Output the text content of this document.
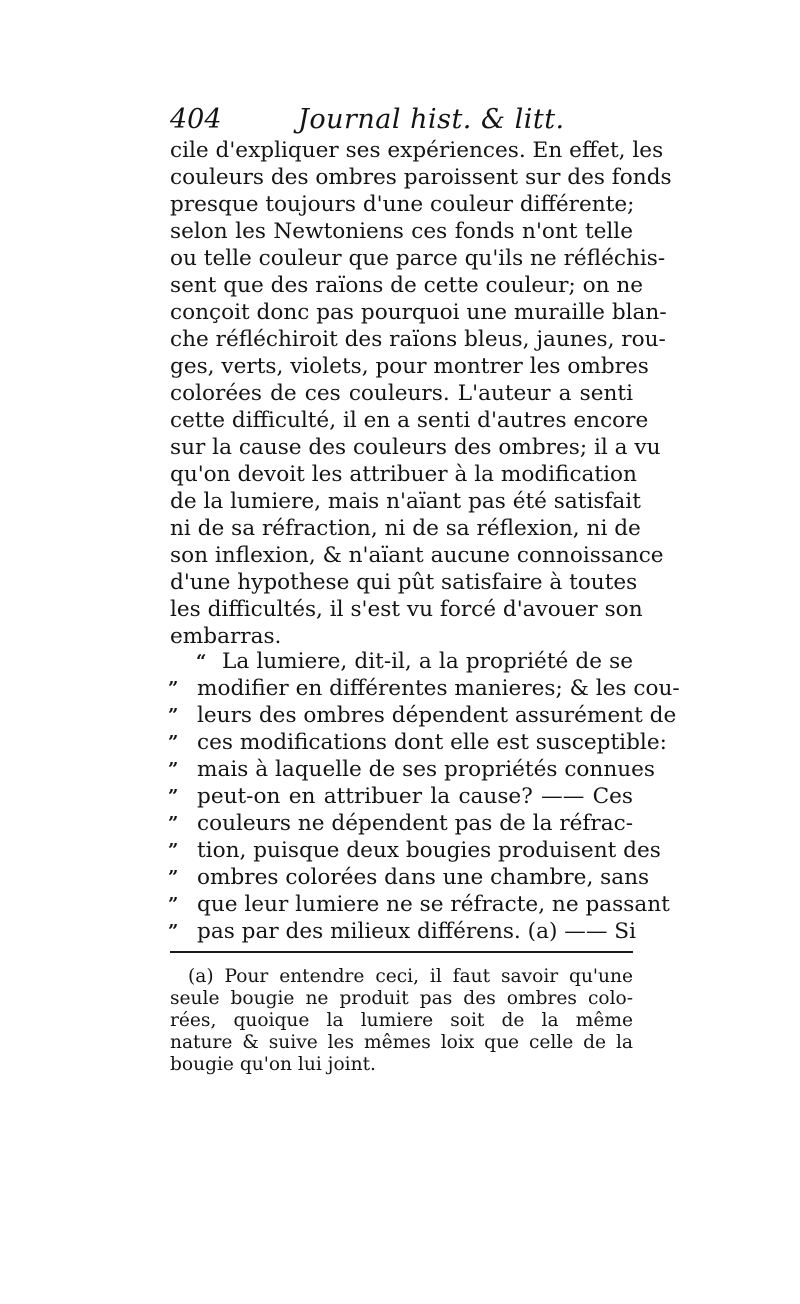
404	Journal hist. & litt.
cile d'expliquer ses expériences. En effet, les
couleurs des ombres paroissent sur des fonds
presque toujours d'une couleur différente;
selon les Newtoniens ces fonds n'ont telle
ou telle couleur que parce qu'ils ne réfléchis-
sent que des raïons de cette couleur; on ne
conçoit donc pas pourquoi une muraille blan-
che réfléchiroit des raïons bleus, jaunes, rou-
ges, verts, violets, pour montrer les ombres
colorées de ces couleurs. L'auteur a senti
cette difficulté, il en a senti d'autres encore
sur la cause des couleurs des ombres; il a vu
qu'on devoit les attribuer à la modification
de la lumiere, mais n'aïant pas été satisfait
ni de sa réfraction, ni de sa réflexion, ni de
son inflexion, & n'aïant aucune connoissance
d'une hypothese qui pût satisfaire à toutes
les difficultés, il s'est vu forcé d'avouer son
embarras.
“ La lumiere, dit-il, a la propriété de se
” modifier en différentes manieres; & les cou-
” leurs des ombres dépendent assurément de
” ces modifications dont elle est susceptible:
” mais à laquelle de ses propriétés connues
” peut-on en attribuer la cause? —— Ces
” couleurs ne dépendent pas de la réfrac-
” tion, puisque deux bougies produisent des
” ombres colorées dans une chambre, sans
” que leur lumiere ne se réfracte, ne passant
” pas par des milieux différens. (a) —— Si
(a) Pour entendre ceci, il faut savoir qu'une
seule bougie ne produit pas des ombres colo-
rées, quoique la lumiere soit de la même
nature & suive les mêmes loix que celle de la
bougie qu'on lui joint.
